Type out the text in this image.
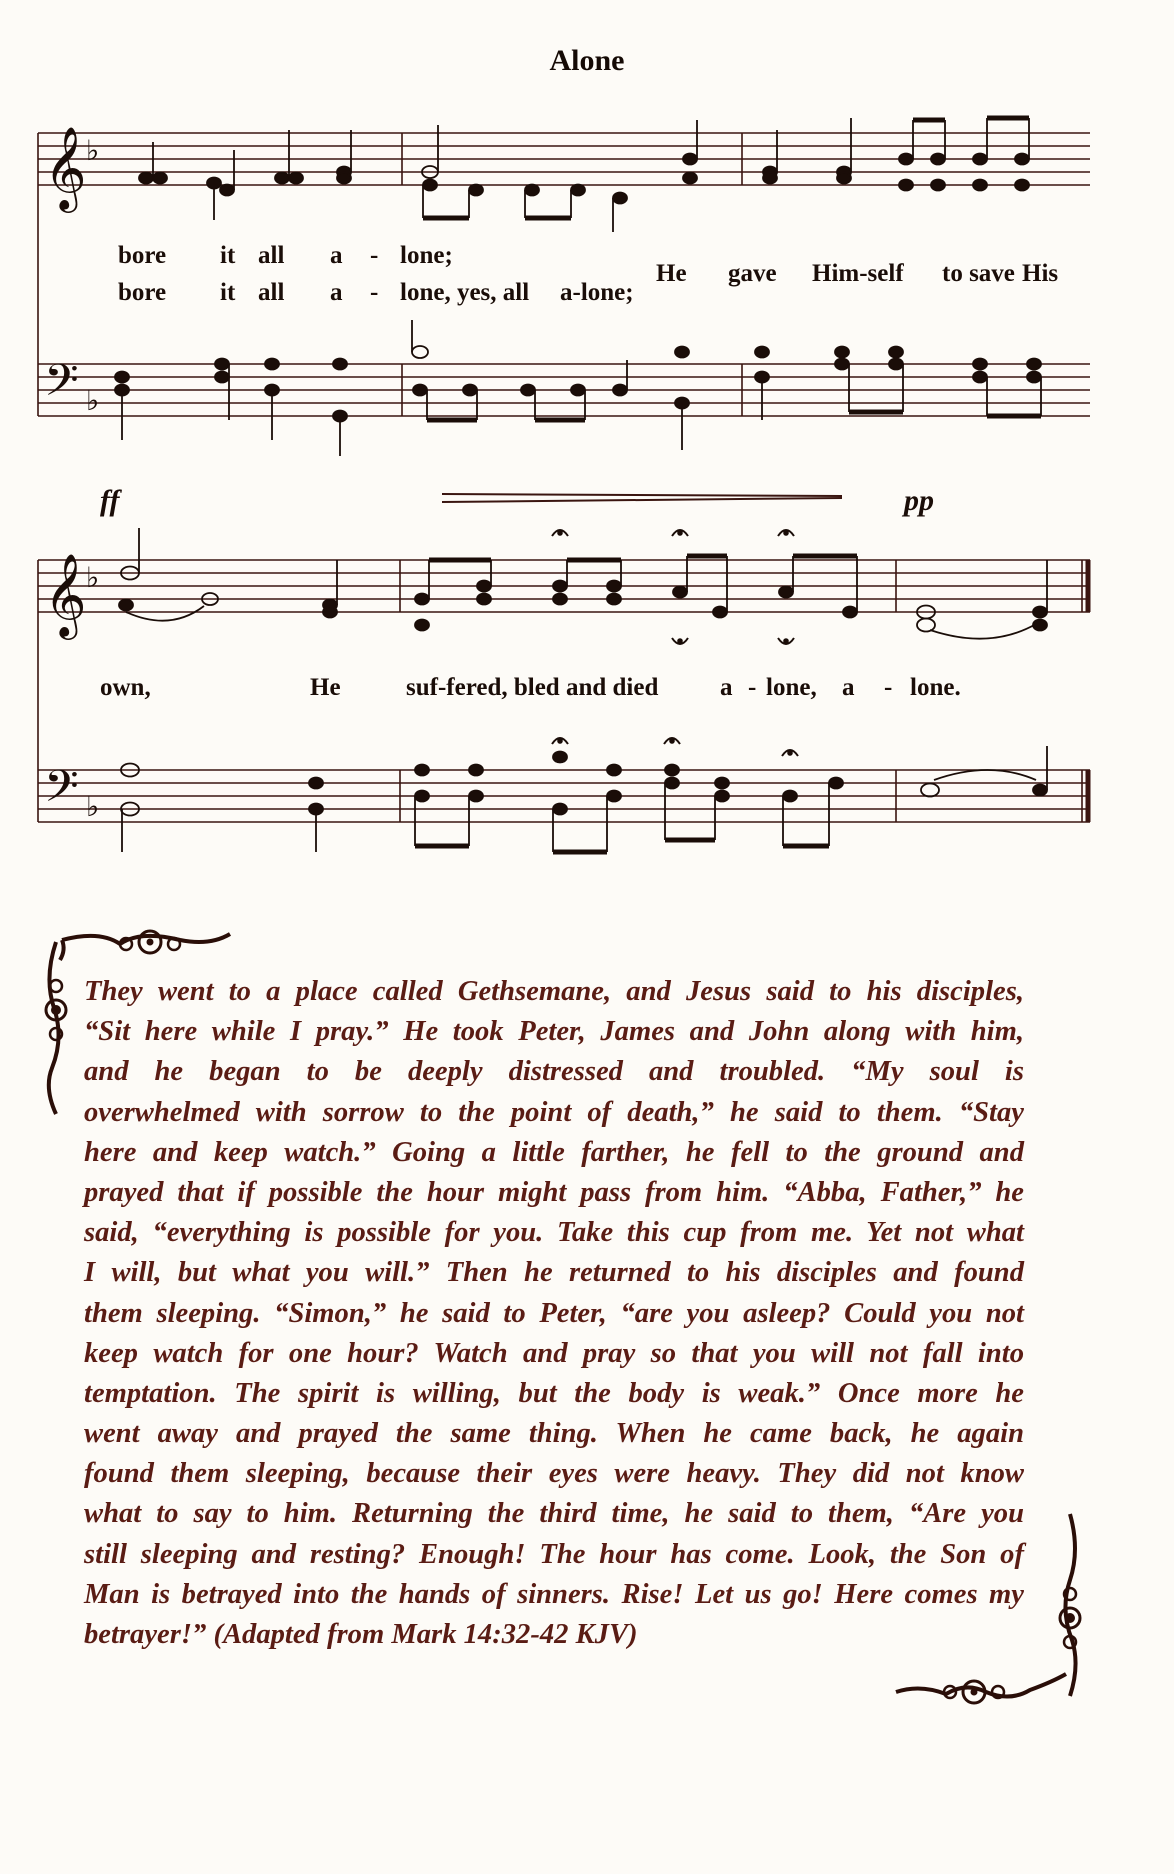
Alone
𝄞
𝄢
𝄞
𝄢
♭
♭
♭
♭
ff	pp
bore it all a - lone;
bore it all a - lone, yes, all a-lone;
He gave Him-self to save His
own,	He	suf-fered, bled and died a - lone, a - lone.
They went to a place called Gethsemane, and Jesus said to his disciples,
“Sit here while I pray.” He took Peter, James and John along with him,
and he began to be deeply distressed and troubled. “My soul is
overwhelmed with sorrow to the point of death,” he said to them. “Stay
here and keep watch.” Going a little farther, he fell to the ground and
prayed that if possible the hour might pass from him. “Abba, Father,” he
said, “everything is possible for you. Take this cup from me. Yet not what
I will, but what you will.” Then he returned to his disciples and found
them sleeping. “Simon,” he said to Peter, “are you asleep? Could you not
keep watch for one hour? Watch and pray so that you will not fall into
temptation. The spirit is willing, but the body is weak.” Once more he
went away and prayed the same thing. When he came back, he again
found them sleeping, because their eyes were heavy. They did not know
what to say to him. Returning the third time, he said to them, “Are you
still sleeping and resting? Enough! The hour has come. Look, the Son of
Man is betrayed into the hands of sinners. Rise! Let us go! Here comes my
betrayer!” (Adapted from Mark 14:32-42 KJV)
